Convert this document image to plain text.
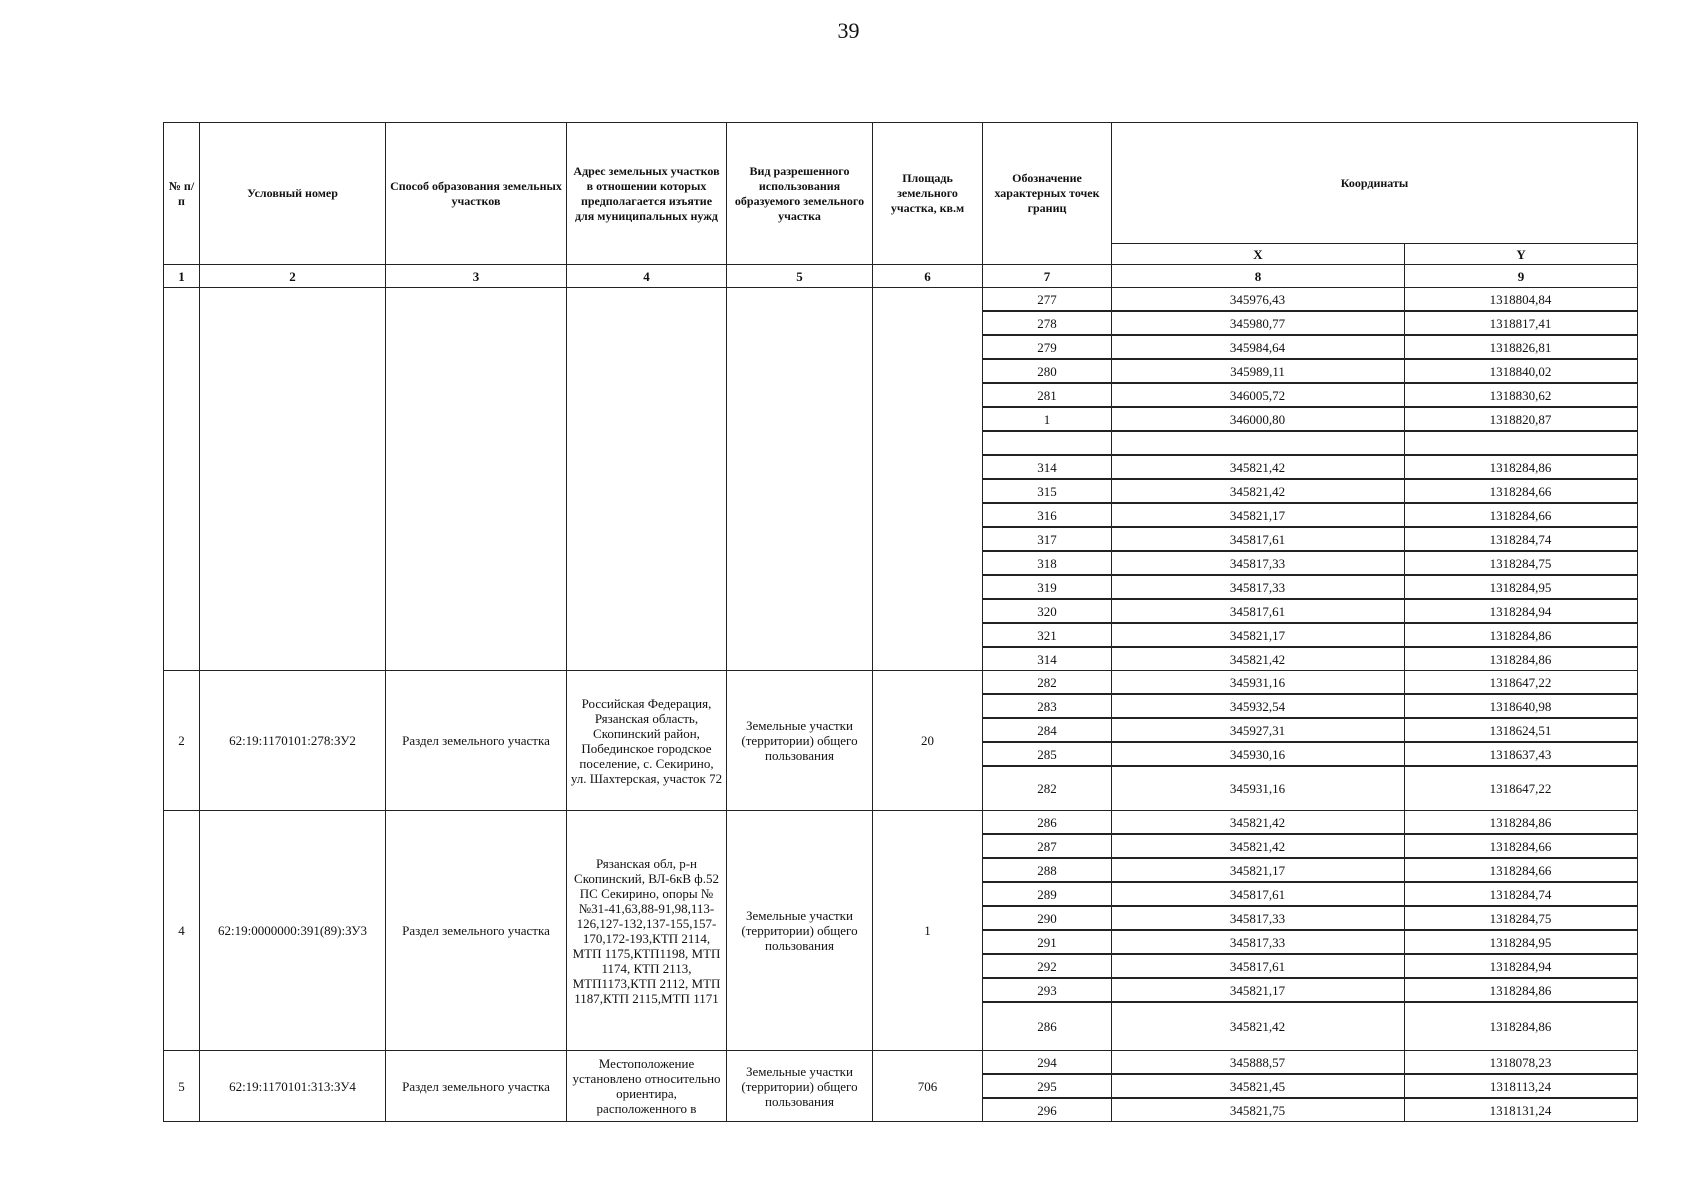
39
№ п/п	Условный номер	Способ образования земельных участков	Адрес земельных участков в отношении которых предполагается изъятие для муниципальных нужд	Вид разрешенного использования образуемого земельного участка	Площадь земельного участка, кв.м	Обозначение характерных точек границ	Координаты	
							X	Y
1	2	3	4	5	6	7	8	9
						277	345976,43	1318804,84
						278	345980,77	1318817,41
						279	345984,64	1318826,81
						280	345989,11	1318840,02
						281	346005,72	1318830,62
						1	346000,80	1318820,87

						314	345821,42	1318284,86
						315	345821,42	1318284,66
						316	345821,17	1318284,66
						317	345817,61	1318284,74
						318	345817,33	1318284,75
						319	345817,33	1318284,95
						320	345817,61	1318284,94
						321	345821,17	1318284,86
						314	345821,42	1318284,86
2	62:19:1170101:278:ЗУ2	Раздел земельного участка	Российская Федерация, Рязанская область, Скопинский район, Побединское городское поселение, с. Секирино, ул. Шахтерская, участок 72	Земельные участки (территории) общего пользования	20	282	345931,16	1318647,22
						283	345932,54	1318640,98
						284	345927,31	1318624,51
						285	345930,16	1318637,43
						282	345931,16	1318647,22
4	62:19:0000000:391(89):ЗУ3	Раздел земельного участка	Рязанская обл, р-н Скопинский, ВЛ-6кВ ф.52 ПС Секирино, опоры №№31-41,63,88-91,98,113-126,127-132,137-155,157-170,172-193,КТП 2114, МТП 1175,КТП1198, МТП 1174, КТП 2113, МТП1173,КТП 2112, МТП 1187,КТП 2115,МТП 1171	Земельные участки (территории) общего пользования	1	286	345821,42	1318284,86
						287	345821,42	1318284,66
						288	345821,17	1318284,66
						289	345817,61	1318284,74
						290	345817,33	1318284,75
						291	345817,33	1318284,95
						292	345817,61	1318284,94
						293	345821,17	1318284,86
						286	345821,42	1318284,86
5	62:19:1170101:313:ЗУ4	Раздел земельного участка	Местоположение установлено относительно ориентира, расположенного в	Земельные участки (территории) общего пользования	706	294	345888,57	1318078,23
						295	345821,45	1318113,24
						296	345821,75	1318131,24
